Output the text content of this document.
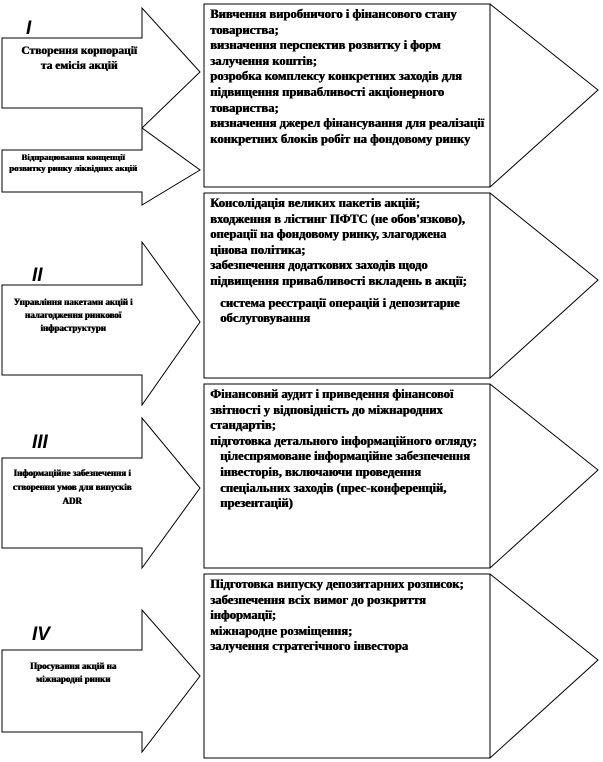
I
Створення корпорації та емісія акцій
Відпрацювання концепції розвитку ринку ліквідних акцій

Вивчення виробничого і фінансового стану товариства;

визначення перспектив розвитку і форм залучення коштів;

розробка комплексу конкретних заходів для підвищення привабливості акціонерного товариства;

визначення джерел фінансування для реалізації конкретних блоків робіт на фондовому ринку

II
Управління пакетами акцій і налагодження ринкової інфраструктури

Консолідація великих пакетів акцій;

входження в лістинг ПФТС (не обов'язково), операції на фондовому ринку, злагоджена цінова політика;

забезпечення додаткових заходів щодо підвищення привабливості вкладень в акції;

система реєстрації операцій і депозитарне обслуговування

III
Інформаційне забезпечення і створення умов для випусків ADR

Фінансовий аудит і приведення фінансової звітності у відповідність до міжнародних стандартів;

підготовка детального інформаційного огляду;

цілеспрямоване інформаційне забезпечення інвесторів, включаючи проведення спеціальних заходів (прес-конференцій, презентацій)

IV
Просування акцій на міжнародні ринки

Підготовка випуску депозитарних розписок;

забезпечення всіх вимог до розкриття інформації;

міжнародне розміщення;

залучення стратегічного інвестора
